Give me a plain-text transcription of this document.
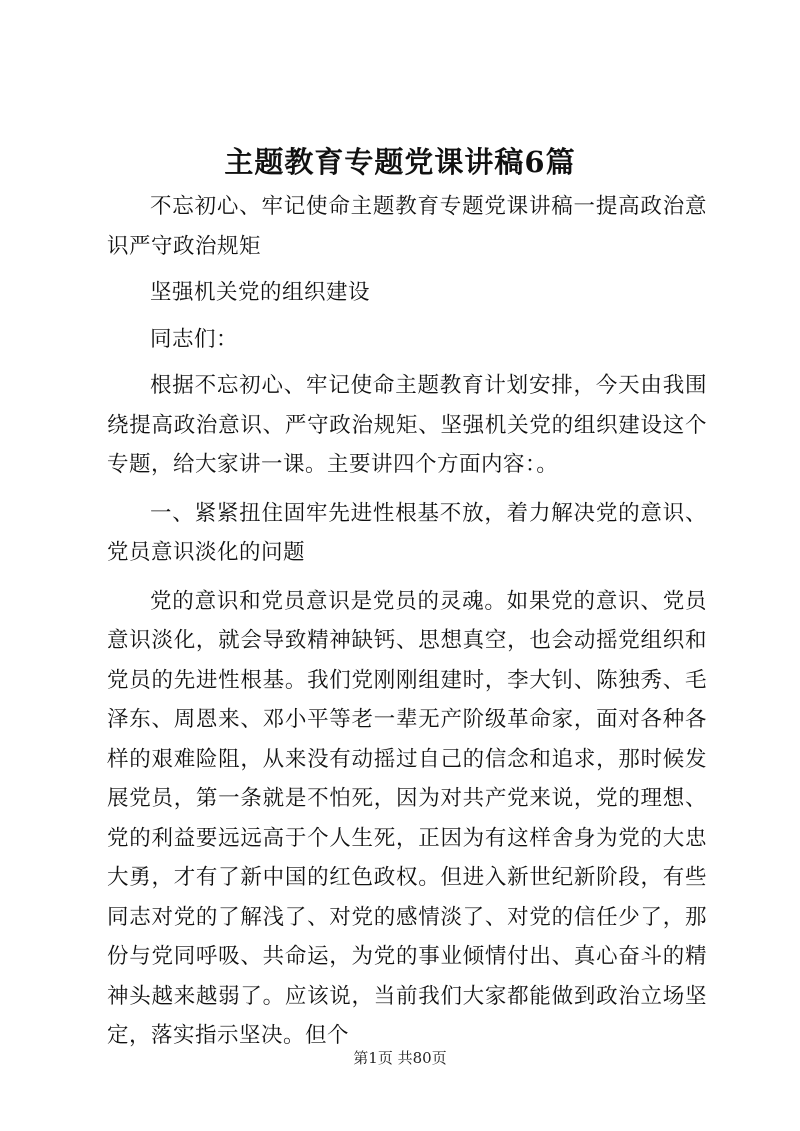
主题教育专题党课讲稿6篇

不忘初心、牢记使命主题教育专题党课讲稿一提高政治意识严守政治规矩

坚强机关党的组织建设

同志们：

根据不忘初心、牢记使命主题教育计划安排，今天由我围绕提高政治意识、严守政治规矩、坚强机关党的组织建设这个专题，给大家讲一课。主要讲四个方面内容：。

一、紧紧扭住固牢先进性根基不放，着力解决党的意识、党员意识淡化的问题

党的意识和党员意识是党员的灵魂。如果党的意识、党员意识淡化，就会导致精神缺钙、思想真空，也会动摇党组织和党员的先进性根基。我们党刚刚组建时，李大钊、陈独秀、毛泽东、周恩来、邓小平等老一辈无产阶级革命家，面对各种各样的艰难险阻，从来没有动摇过自己的信念和追求，那时候发展党员，第一条就是不怕死，因为对共产党来说，党的理想、党的利益要远远高于个人生死，正因为有这样舍身为党的大忠大勇，才有了新中国的红色政权。但进入新世纪新阶段，有些同志对党的了解浅了、对党的感情淡了、对党的信任少了，那份与党同呼吸、共命运，为党的事业倾情付出、真心奋斗的精神头越来越弱了。应该说，当前我们大家都能做到政治立场坚定，落实指示坚决。但个

第1页 共80页
